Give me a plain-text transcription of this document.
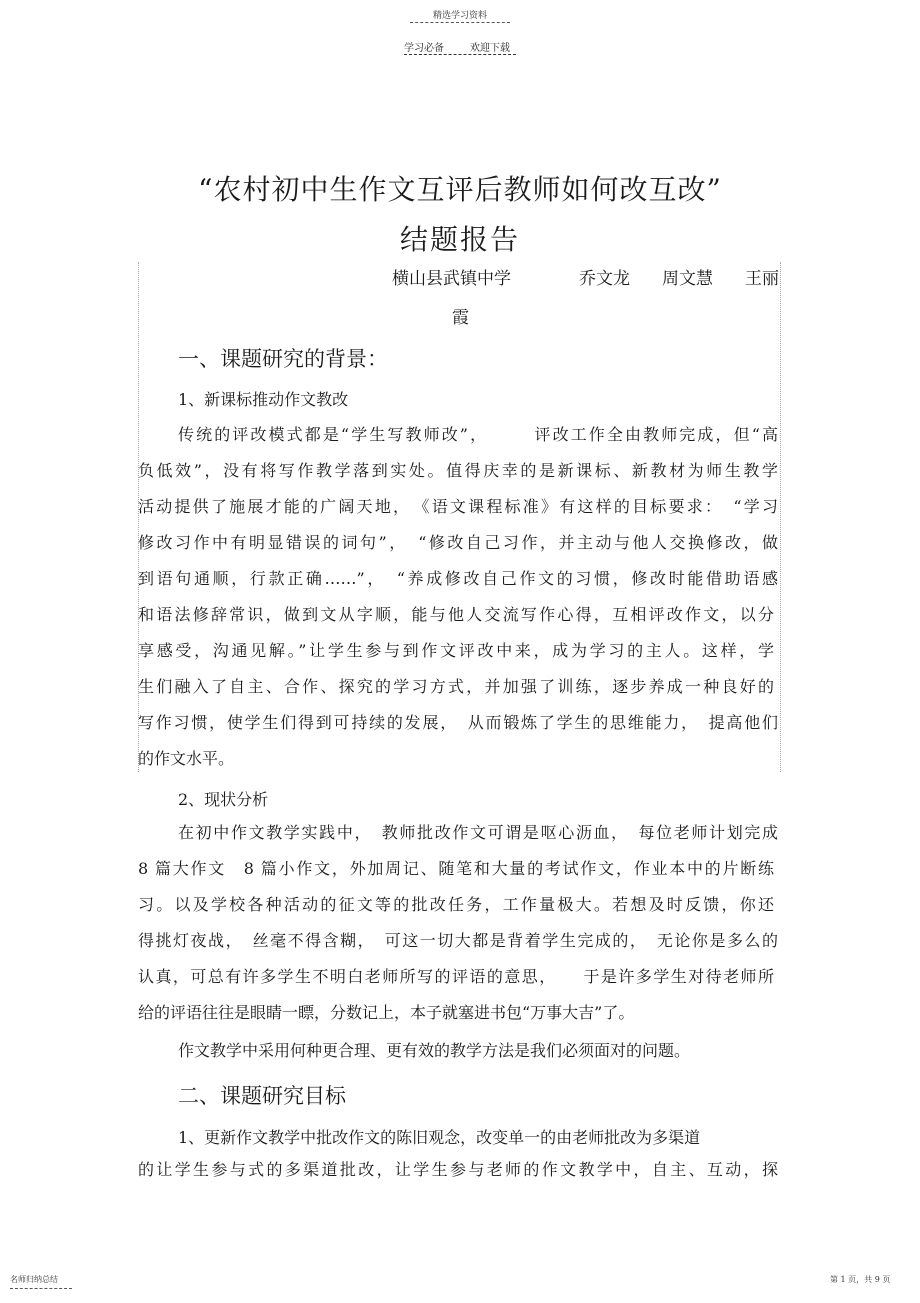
精选学习资料
学习必备	欢迎下载
“农村初中生作文互评后教师如何改互改”
结题报告
横山县武镇中学	乔文龙 周文慧 王丽
霞
一、课题研究的背景：
1、新课标推动作文教改
传统的评改模式都是“学生写教师改”，　　　评改工作全由教师完成，但“高
负低效”，没有将写作教学落到实处。值得庆幸的是新课标、新教材为师生教学
活动提供了施展才能的广阔天地，　《语文课程标准》有这样的目标要求：　“学习
修改习作中有明显错误的词句”，　“修改自己习作，并主动与他人交换修改，做
到语句通顺，行款正确……”，　“养成修改自己作文的习惯，修改时能借助语感
和语法修辞常识，做到文从字顺，能与他人交流写作心得，互相评改作文，以分
享感受，沟通见解。”让学生参与到作文评改中来，成为学习的主人。这样，学
生们融入了自主、合作、探究的学习方式，并加强了训练，逐步养成一种良好的
写作习惯，使学生们得到可持续的发展，　从而锻炼了学生的思维能力，　提高他们
的作文水平。
2、现状分析
在初中作文教学实践中，　教师批改作文可谓是呕心沥血，　每位老师计划完成
8 篇大作文　8 篇小作文，外加周记、随笔和大量的考试作文，作业本中的片断练
习。以及学校各种活动的征文等的批改任务，工作量极大。若想及时反馈，你还
得挑灯夜战，　丝毫不得含糊，　可这一切大都是背着学生完成的，　无论你是多么的
认真，可总有许多学生不明白老师所写的评语的意思，　　于是许多学生对待老师所
给的评语往往是眼睛一瞟，分数记上，本子就塞进书包“万事大吉”了。
作文教学中采用何种更合理、更有效的教学方法是我们必须面对的问题。
二、课题研究目标
1、更新作文教学中批改作文的陈旧观念，改变单一的由老师批改为多渠道
的让学生参与式的多渠道批改，让学生参与老师的作文教学中，自主、互动，探
名师归纳总结	第 1 页，共 9 页
